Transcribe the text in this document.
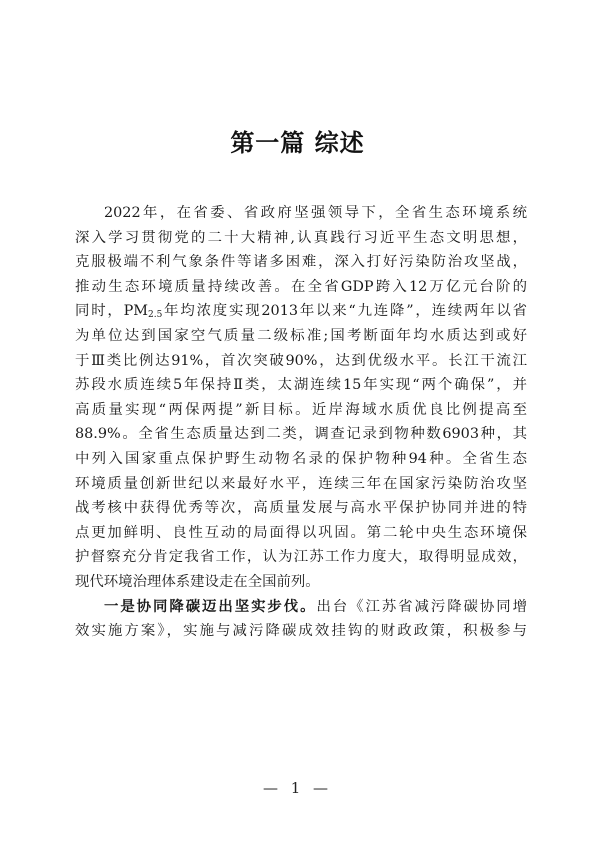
第一篇 综述
2022年，在省委、省政府坚强领导下，全省生态环境系统
深入学习贯彻党的二十大精神,认真践行习近平生态文明思想，
克服极端不利气象条件等诸多困难，深入打好污染防治攻坚战，
推动生态环境质量持续改善。在全省GDP跨入12万亿元台阶的
同时，$PM_{2.5}$年均浓度实现2013年以来“九连降”，连续两年以省
为单位达到国家空气质量二级标准;国考断面年均水质达到或好
于Ⅲ类比例达91%，首次突破90%，达到优级水平。长江干流江
苏段水质连续5年保持Ⅱ类，太湖连续15年实现“两个确保”，并
高质量实现“两保两提”新目标。近岸海域水质优良比例提高至
88.9%。全省生态质量达到二类，调查记录到物种数6903种，其
中列入国家重点保护野生动物名录的保护物种94种。全省生态
环境质量创新世纪以来最好水平，连续三年在国家污染防治攻坚
战考核中获得优秀等次，高质量发展与高水平保护协同并进的特
点更加鲜明、良性互动的局面得以巩固。第二轮中央生态环境保
护督察充分肯定我省工作，认为江苏工作力度大，取得明显成效，
现代环境治理体系建设走在全国前列。
一是协同降碳迈出坚实步伐。出台《江苏省减污降碳协同增
效实施方案》，实施与减污降碳成效挂钩的财政政策，积极参与
— 1 —
